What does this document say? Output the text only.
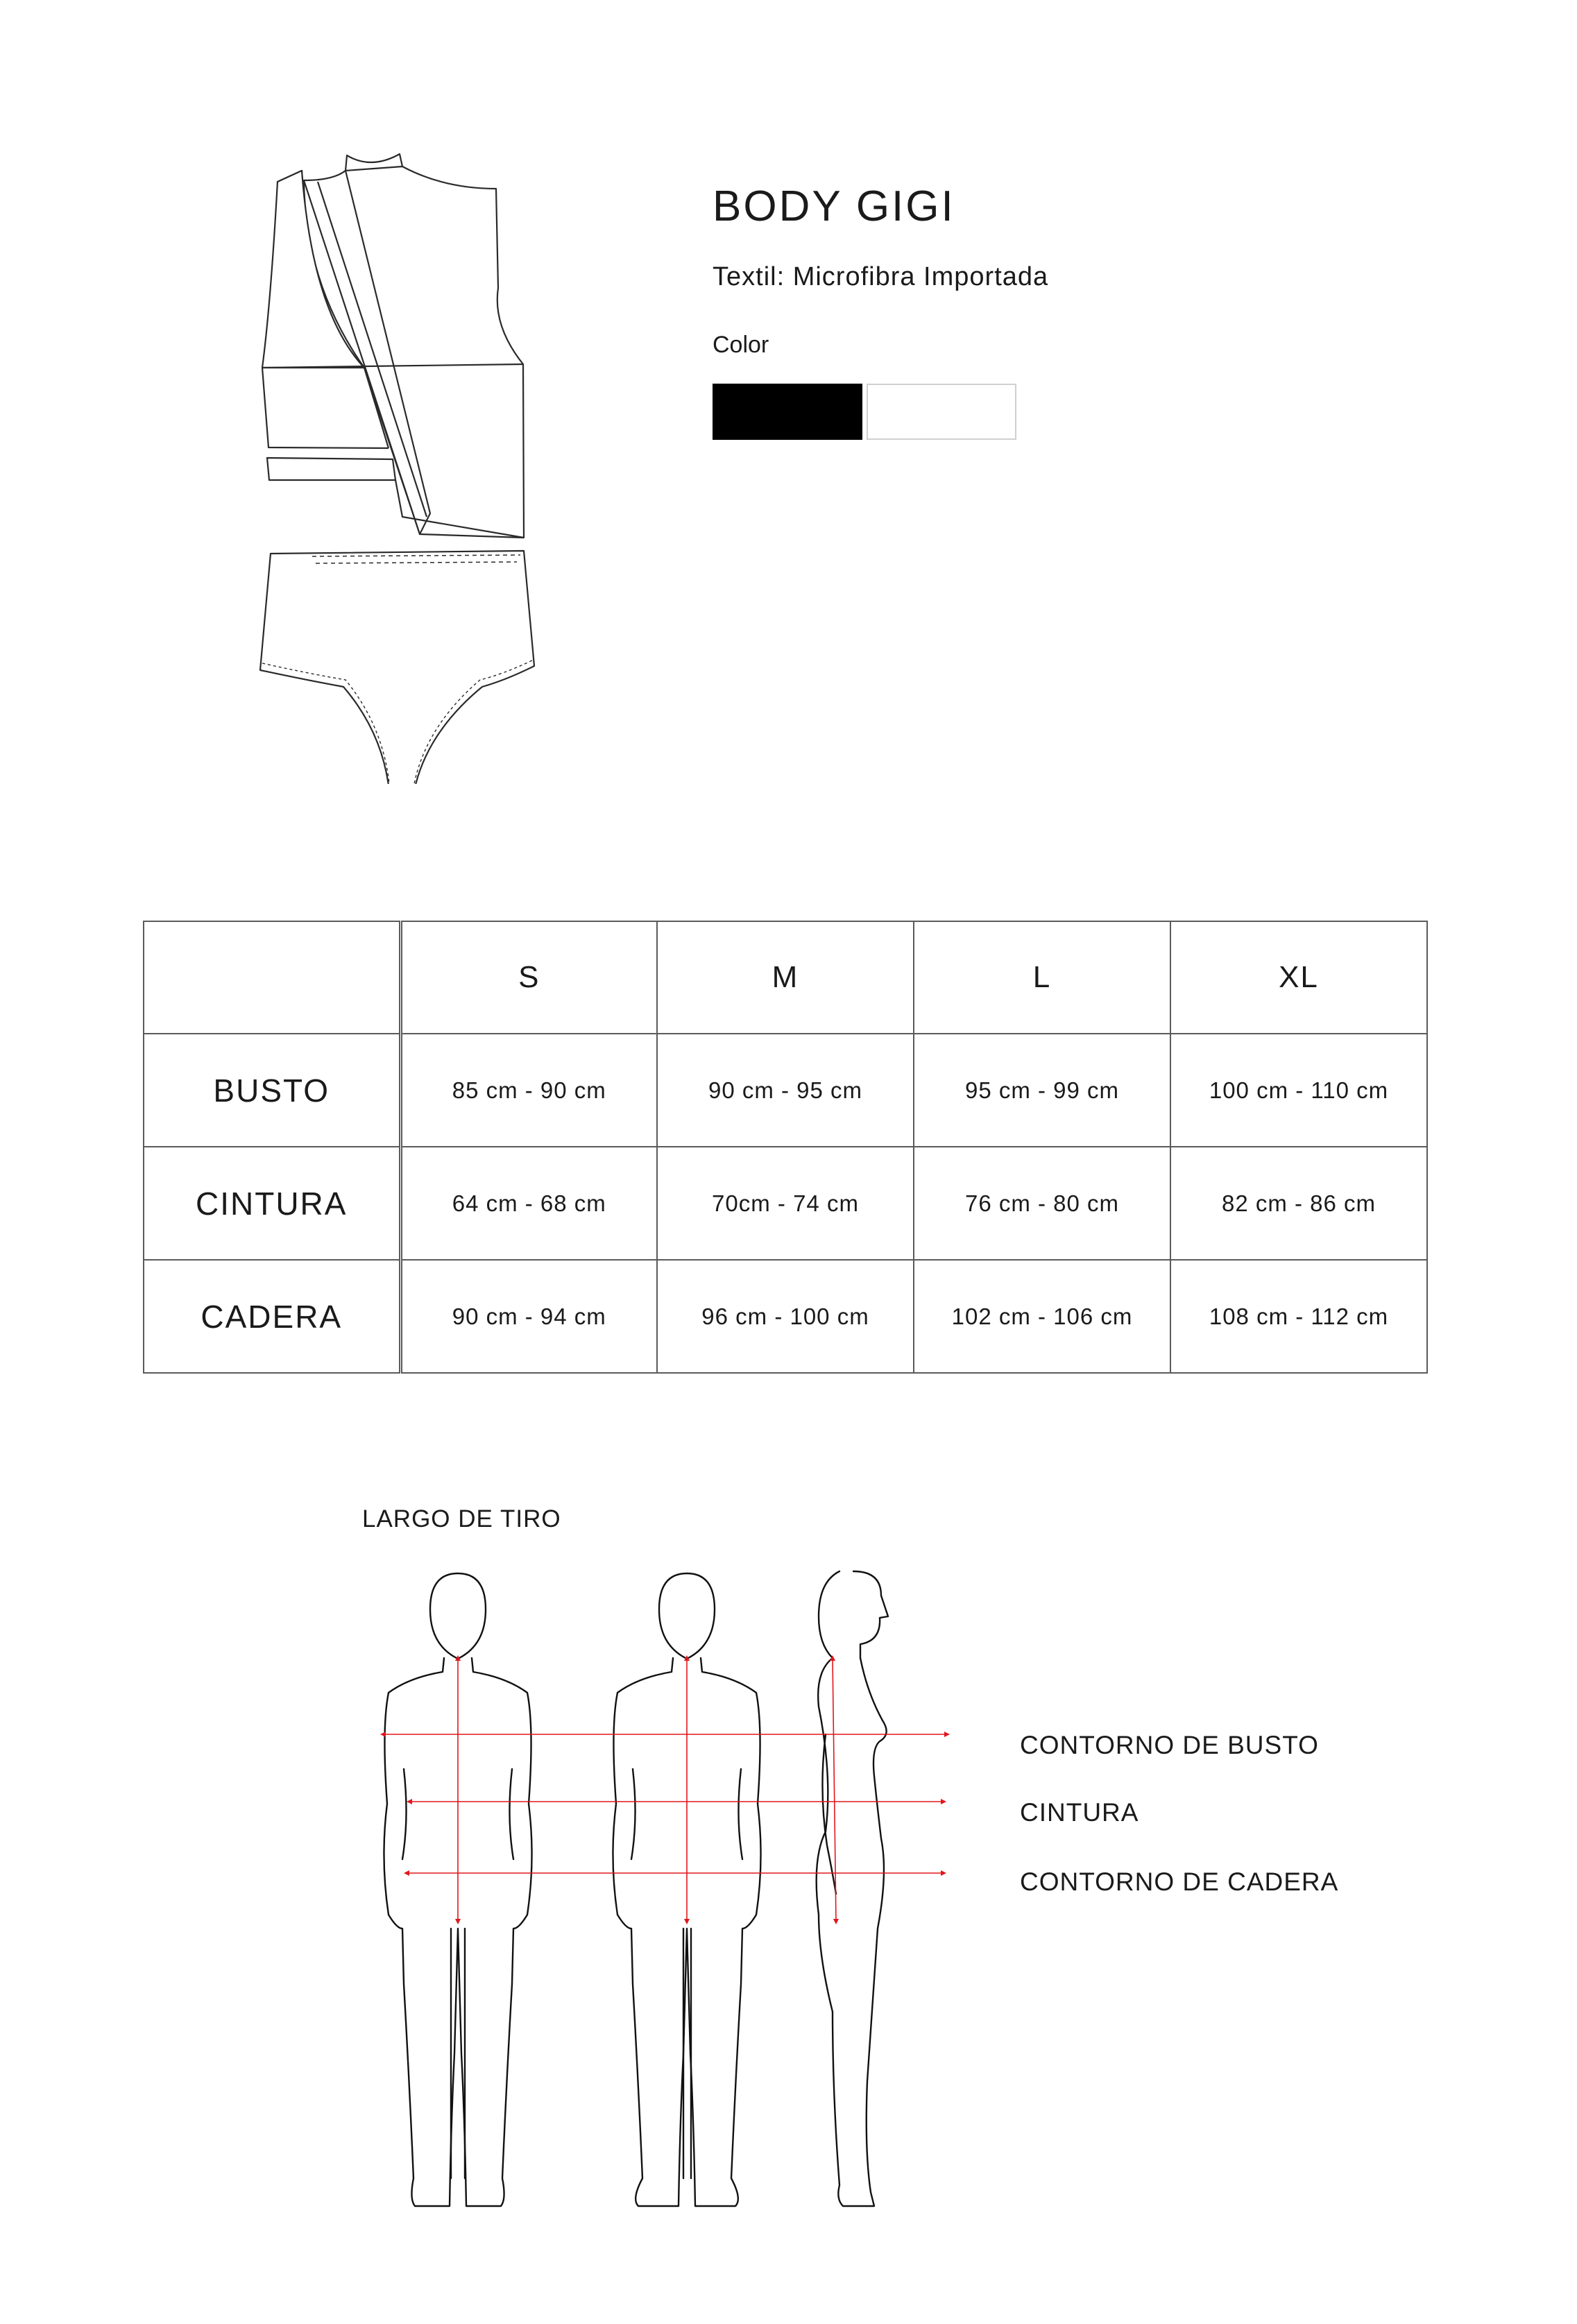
BODY GIGI
Textil: Microfibra Importada
Color
	S	M	L	XL
BUSTO	85 cm - 90 cm	90 cm - 95 cm	95 cm - 99 cm	100 cm - 110 cm
CINTURA	64 cm - 68 cm	70cm - 74 cm	76 cm - 80 cm	82 cm - 86 cm
CADERA	90 cm - 94 cm	96 cm - 100 cm	102 cm - 106 cm	108 cm - 112 cm
LARGO DE TIRO
CONTORNO DE BUSTO
CINTURA
CONTORNO DE CADERA
